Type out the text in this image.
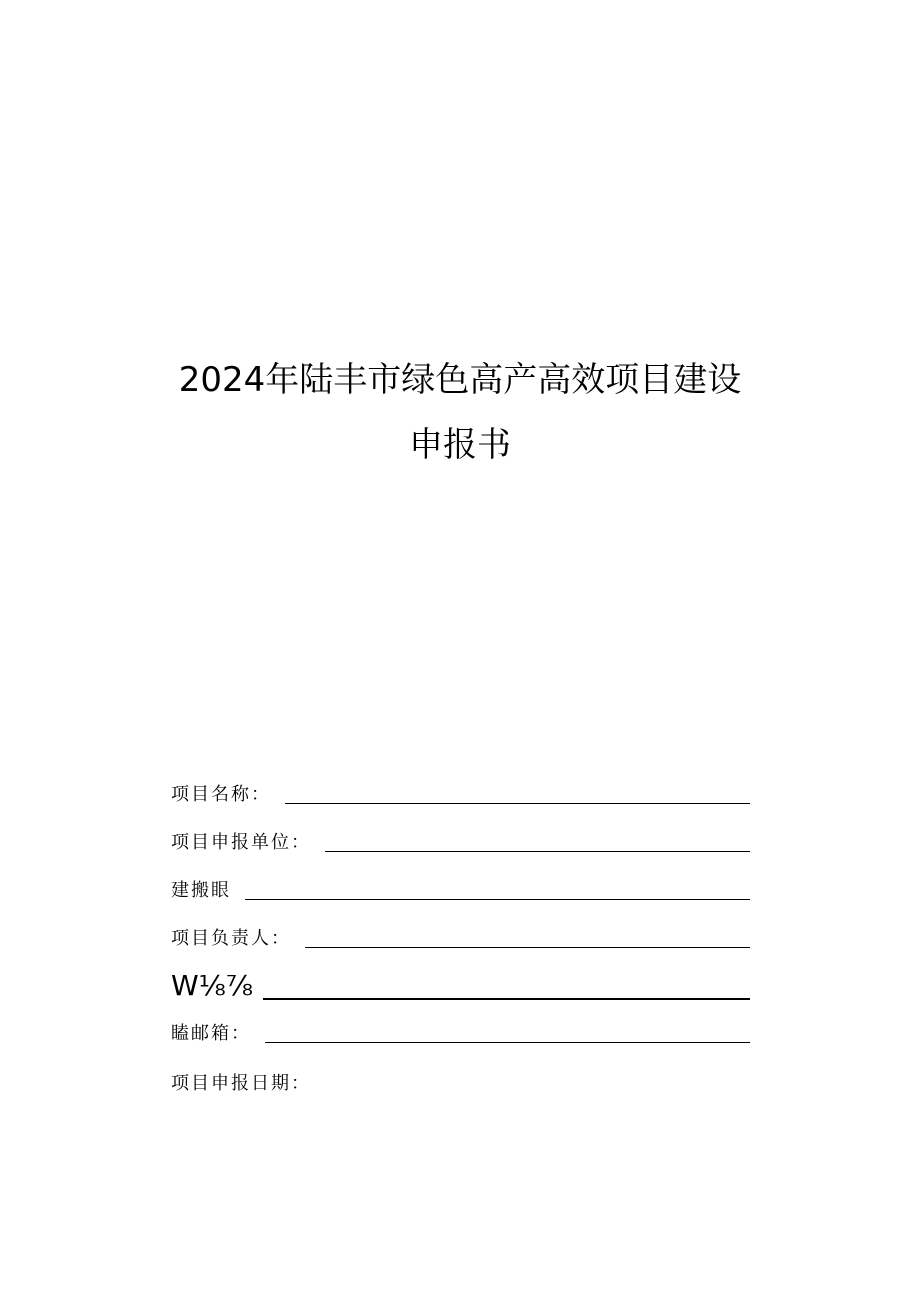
2024年陆丰市绿色高产高效项目建设
申报书
项目名称：
项目申报单位：
建搬眼
项目负责人：
W⅛⅞
瞌邮箱：
项目申报日期：
